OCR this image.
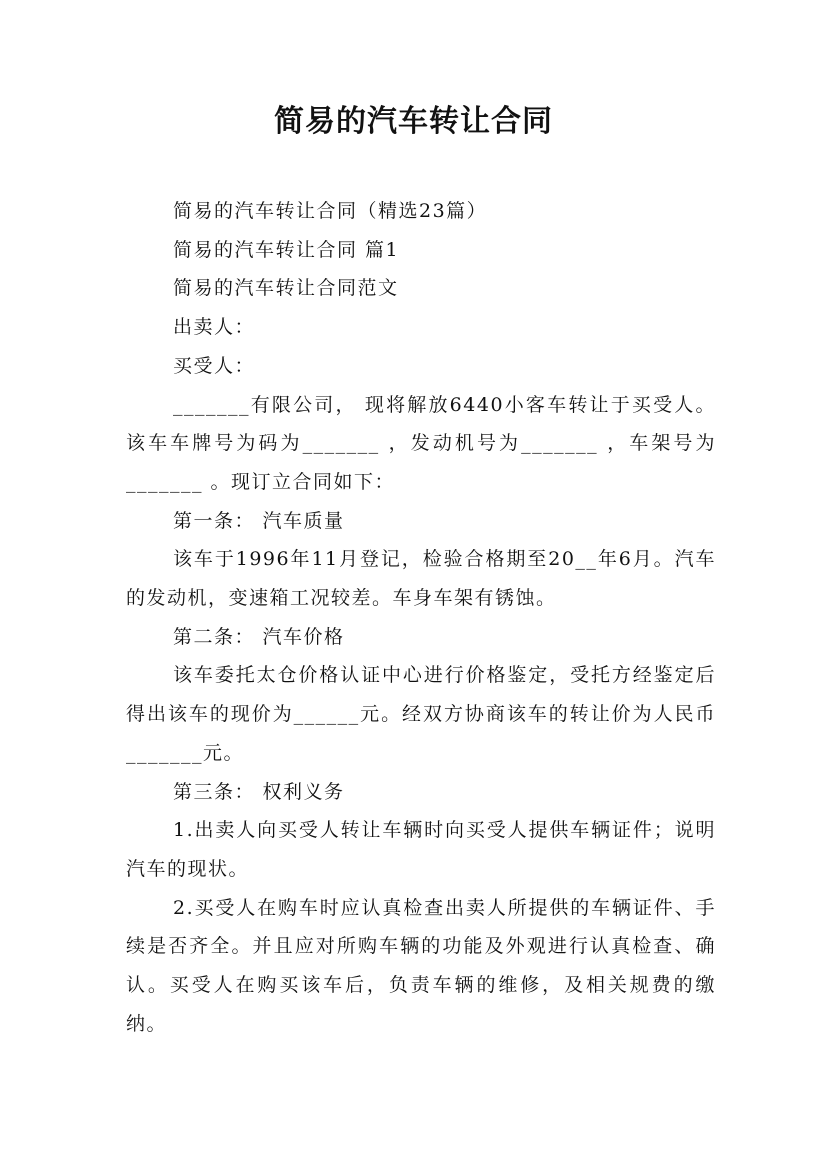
简易的汽车转让合同

简易的汽车转让合同（精选23篇）

简易的汽车转让合同 篇1

简易的汽车转让合同范文

出卖人：

买受人：

_______有限公司， 现将解放6440小客车转让于买受人。该车车牌号为码为_______ ，发动机号为_______ ，车架号为_______ 。现订立合同如下：

第一条： 汽车质量

该车于1996年11月登记，检验合格期至20__年6月。汽车的发动机，变速箱工况较差。车身车架有锈蚀。

第二条： 汽车价格

该车委托太仓价格认证中心进行价格鉴定，受托方经鉴定后得出该车的现价为______元。经双方协商该车的转让价为人民币_______元。

第三条： 权利义务

1.出卖人向买受人转让车辆时向买受人提供车辆证件；说明汽车的现状。

2.买受人在购车时应认真检查出卖人所提供的车辆证件、手续是否齐全。并且应对所购车辆的功能及外观进行认真检查、确认。买受人在购买该车后，负责车辆的维修，及相关规费的缴纳。
